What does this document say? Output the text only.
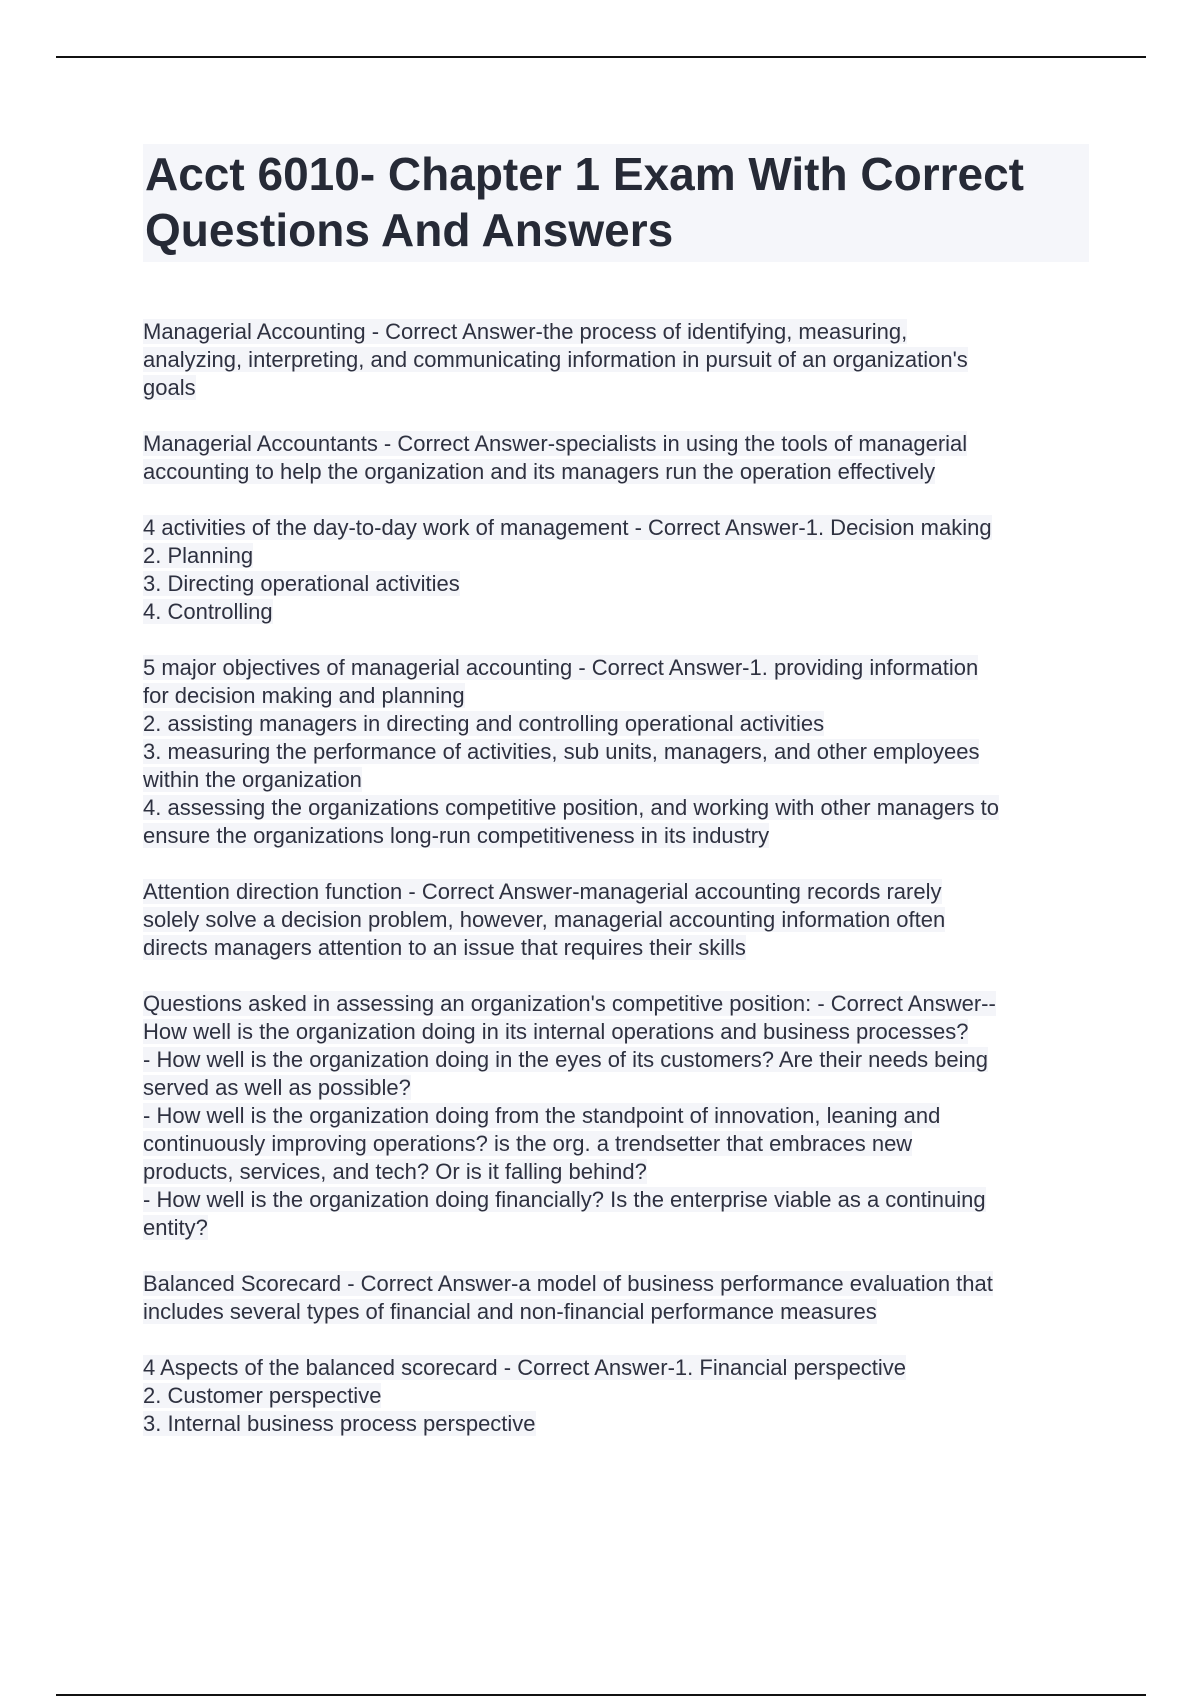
Acct 6010- Chapter 1 Exam With Correct
Questions And Answers

Managerial Accounting - Correct Answer-the process of identifying, measuring,
analyzing, interpreting, and communicating information in pursuit of an organization's
goals

Managerial Accountants - Correct Answer-specialists in using the tools of managerial
accounting to help the organization and its managers run the operation effectively

4 activities of the day-to-day work of management - Correct Answer-1. Decision making
2. Planning
3. Directing operational activities
4. Controlling

5 major objectives of managerial accounting - Correct Answer-1. providing information
for decision making and planning
2. assisting managers in directing and controlling operational activities
3. measuring the performance of activities, sub units, managers, and other employees
within the organization
4. assessing the organizations competitive position, and working with other managers to
ensure the organizations long-run competitiveness in its industry

Attention direction function - Correct Answer-managerial accounting records rarely
solely solve a decision problem, however, managerial accounting information often
directs managers attention to an issue that requires their skills

Questions asked in assessing an organization's competitive position: - Correct Answer--
How well is the organization doing in its internal operations and business processes?
- How well is the organization doing in the eyes of its customers? Are their needs being
served as well as possible?
- How well is the organization doing from the standpoint of innovation, leaning and
continuously improving operations? is the org. a trendsetter that embraces new
products, services, and tech? Or is it falling behind?
- How well is the organization doing financially? Is the enterprise viable as a continuing
entity?

Balanced Scorecard - Correct Answer-a model of business performance evaluation that
includes several types of financial and non-financial performance measures

4 Aspects of the balanced scorecard - Correct Answer-1. Financial perspective
2. Customer perspective
3. Internal business process perspective
